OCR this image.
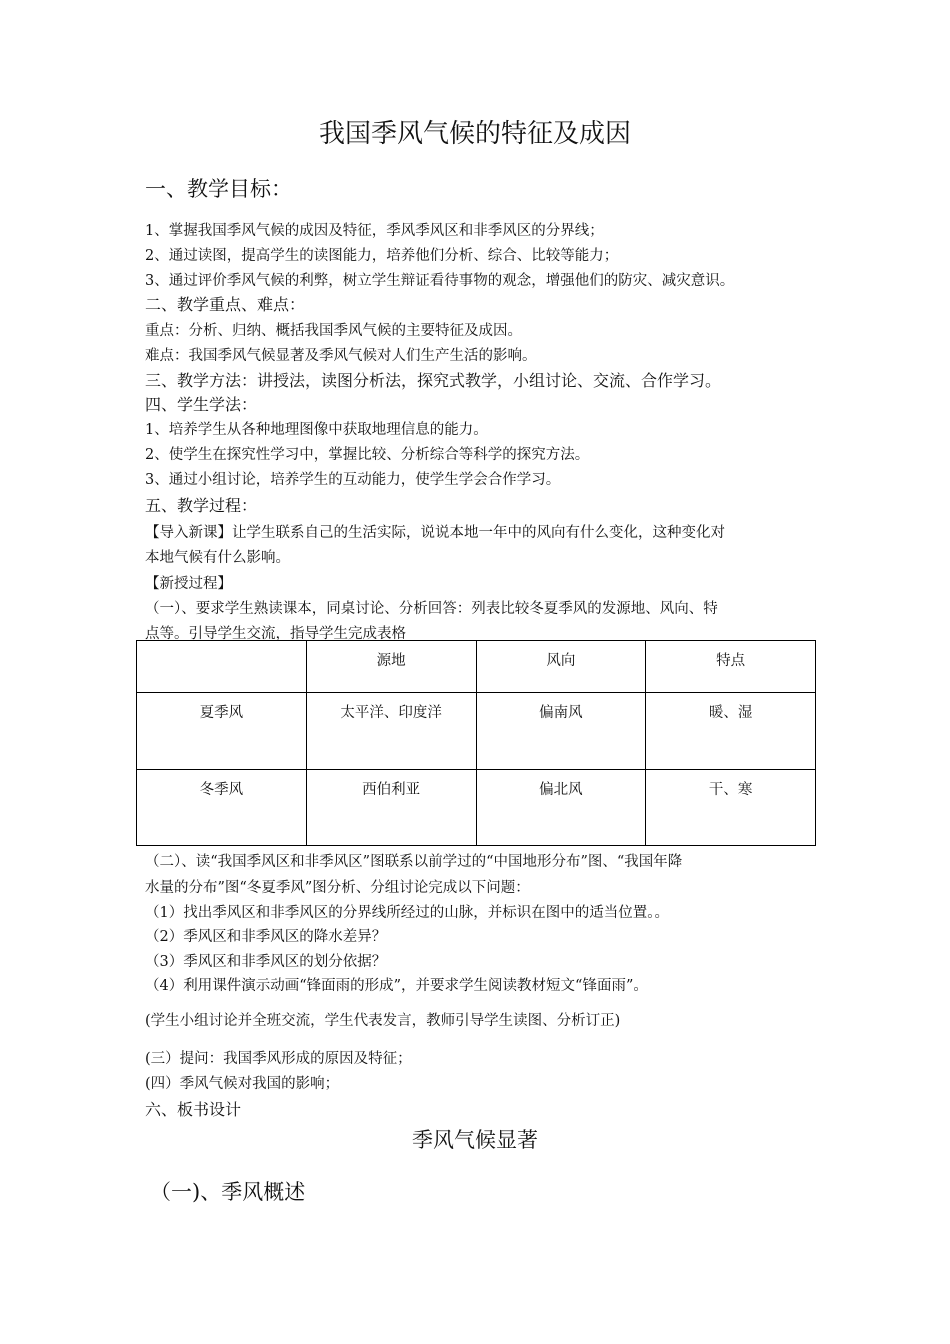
我国季风气候的特征及成因
一、教学目标：
1、掌握我国季风气候的成因及特征，季风季风区和非季风区的分界线；
2、通过读图，提高学生的读图能力，培养他们分析、综合、比较等能力；
3、通过评价季风气候的利弊，树立学生辩证看待事物的观念，增强他们的防灾、减灾意识。
二、教学重点、难点：
重点：分析、归纳、概括我国季风气候的主要特征及成因。
难点：我国季风气候显著及季风气候对人们生产生活的影响。
三、教学方法：讲授法，读图分析法，探究式教学，小组讨论、交流、合作学习。
四、学生学法：
1、培养学生从各种地理图像中获取地理信息的能力。
2、使学生在探究性学习中，掌握比较、分析综合等科学的探究方法。
3、通过小组讨论，培养学生的互动能力，使学生学会合作学习。
五、教学过程：
【导入新课】让学生联系自己的生活实际，说说本地一年中的风向有什么变化，这种变化对
本地气候有什么影响。
【新授过程】
（一）、要求学生熟读课本，同桌讨论、分析回答：列表比较冬夏季风的发源地、风向、特
点等。引导学生交流，指导学生完成表格
	源地	风向	特点
夏季风	太平洋、印度洋	偏南风	暖、湿
冬季风	西伯利亚	偏北风	干、寒
（二）、读“我国季风区和非季风区”图联系以前学过的“中国地形分布”图、“我国年降
水量的分布”图“冬夏季风”图分析、分组讨论完成以下问题：
（1）找出季风区和非季风区的分界线所经过的山脉，并标识在图中的适当位置。。
（2）季风区和非季风区的降水差异？
（3）季风区和非季风区的划分依据？
（4）利用课件演示动画“锋面雨的形成”，并要求学生阅读教材短文“锋面雨”。
(学生小组讨论并全班交流，学生代表发言，教师引导学生读图、分析订正)
(三）提问：我国季风形成的原因及特征；
(四）季风气候对我国的影响；
六、板书设计
季风气候显著
（一)、季风概述
